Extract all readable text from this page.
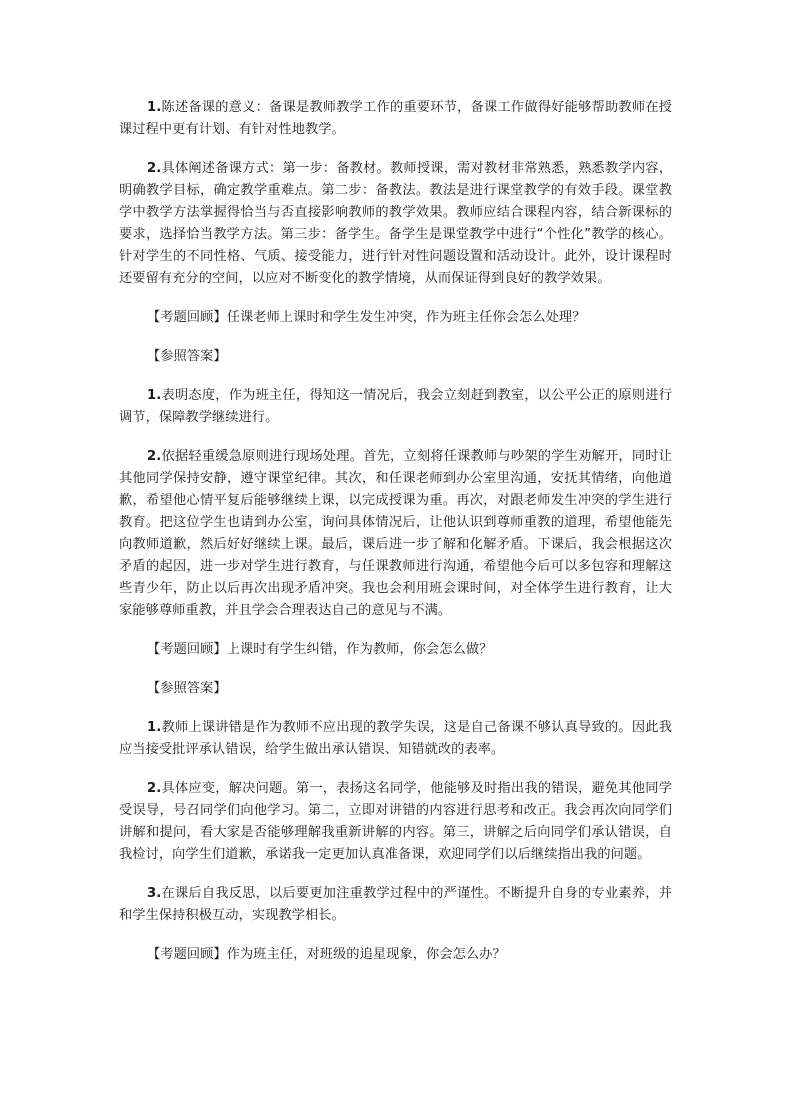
1.陈述备课的意义：备课是教师教学工作的重要环节，备课工作做得好能够帮助教师在授课过程中更有计划、有针对性地教学。

2.具体阐述备课方式：第一步：备教材。教师授课，需对教材非常熟悉，熟悉教学内容，明确教学目标，确定教学重难点。第二步：备教法。教法是进行课堂教学的有效手段。课堂教学中教学方法掌握得恰当与否直接影响教师的教学效果。教师应结合课程内容，结合新课标的要求，选择恰当教学方法。第三步：备学生。备学生是课堂教学中进行“个性化”教学的核心。针对学生的不同性格、气质、接受能力，进行针对性问题设置和活动设计。此外，设计课程时还要留有充分的空间，以应对不断变化的教学情境，从而保证得到良好的教学效果。

【考题回顾】任课老师上课时和学生发生冲突，作为班主任你会怎么处理？

【参照答案】

1.表明态度，作为班主任，得知这一情况后，我会立刻赶到教室，以公平公正的原则进行调节，保障教学继续进行。

2.依据轻重缓急原则进行现场处理。首先，立刻将任课教师与吵架的学生劝解开，同时让其他同学保持安静，遵守课堂纪律。其次，和任课老师到办公室里沟通，安抚其情绪，向他道歉，希望他心情平复后能够继续上课，以完成授课为重。再次，对跟老师发生冲突的学生进行教育。把这位学生也请到办公室，询问具体情况后，让他认识到尊师重教的道理，希望他能先向教师道歉，然后好好继续上课。最后，课后进一步了解和化解矛盾。下课后，我会根据这次矛盾的起因，进一步对学生进行教育，与任课教师进行沟通，希望他今后可以多包容和理解这些青少年，防止以后再次出现矛盾冲突。我也会利用班会课时间，对全体学生进行教育，让大家能够尊师重教，并且学会合理表达自己的意见与不满。

【考题回顾】上课时有学生纠错，作为教师，你会怎么做？

【参照答案】

1.教师上课讲错是作为教师不应出现的教学失误，这是自己备课不够认真导致的。因此我应当接受批评承认错误，给学生做出承认错误、知错就改的表率。

2.具体应变，解决问题。第一，表扬这名同学，他能够及时指出我的错误，避免其他同学受误导，号召同学们向他学习。第二，立即对讲错的内容进行思考和改正。我会再次向同学们讲解和提问，看大家是否能够理解我重新讲解的内容。第三，讲解之后向同学们承认错误，自我检讨，向学生们道歉，承诺我一定更加认真准备课，欢迎同学们以后继续指出我的问题。

3.在课后自我反思，以后要更加注重教学过程中的严谨性。不断提升自身的专业素养，并和学生保持积极互动，实现教学相长。

【考题回顾】作为班主任，对班级的追星现象，你会怎么办？
